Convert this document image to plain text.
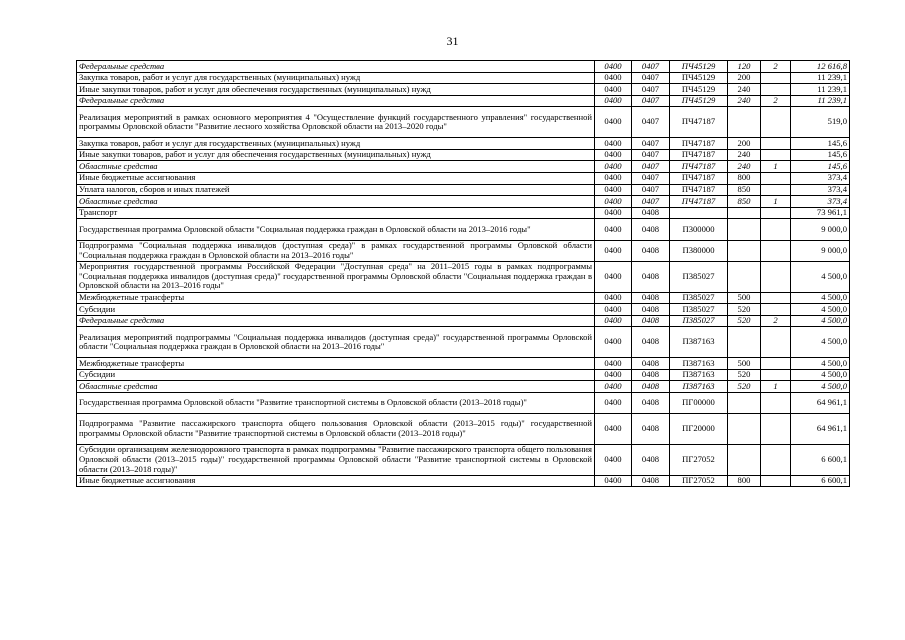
31
Федеральные средства	0400	0407	ПЧ45129	120	2	12 616,8
Закупка товаров, работ и услуг для государственных (муниципальных) нужд	0400	0407	ПЧ45129	200		11 239,1
Иные закупки товаров, работ и услуг для обеспечения государственных (муниципальных) нужд	0400	0407	ПЧ45129	240		11 239,1
Федеральные средства	0400	0407	ПЧ45129	240	2	11 239,1
Реализация мероприятий в рамках основного мероприятия 4 "Осуществление функций государственного управления" государственной программы Орловской области "Развитие лесного хозяйства Орловской области на 2013–2020 годы"	0400	0407	ПЧ47187			519,0
Закупка товаров, работ и услуг для государственных (муниципальных) нужд	0400	0407	ПЧ47187	200		145,6
Иные закупки товаров, работ и услуг для обеспечения государственных (муниципальных) нужд	0400	0407	ПЧ47187	240		145,6
Областные средства	0400	0407	ПЧ47187	240	1	145,6
Иные бюджетные ассигнования	0400	0407	ПЧ47187	800		373,4
Уплата налогов, сборов и иных платежей	0400	0407	ПЧ47187	850		373,4
Областные средства	0400	0407	ПЧ47187	850	1	373,4
Транспорт	0400	0408				73 961,1
Государственная программа Орловской области "Социальная поддержка граждан в Орловской области на 2013–2016 годы"	0400	0408	П300000			9 000,0
Подпрограмма "Социальная поддержка инвалидов (доступная среда)" в рамках государственной программы Орловской области "Социальная поддержка граждан в Орловской области на 2013–2016 годы"	0400	0408	П380000			9 000,0
Мероприятия государственной программы Российской Федерации "Доступная среда" на 2011–2015 годы в рамках подпрограммы "Социальная поддержка инвалидов (доступная среда)" государственной программы Орловской области "Социальная поддержка граждан в Орловской области на 2013–2016 годы"	0400	0408	П385027			4 500,0
Межбюджетные трансферты	0400	0408	П385027	500		4 500,0
Субсидии	0400	0408	П385027	520		4 500,0
Федеральные средства	0400	0408	П385027	520	2	4 500,0
Реализация мероприятий подпрограммы "Социальная поддержка инвалидов (доступная среда)" государственной программы Орловской области "Социальная поддержка граждан в Орловской области на 2013–2016 годы"	0400	0408	П387163			4 500,0
Межбюджетные трансферты	0400	0408	П387163	500		4 500,0
Субсидии	0400	0408	П387163	520		4 500,0
Областные средства	0400	0408	П387163	520	1	4 500,0
Государственная программа Орловской области "Развитие транспортной системы в Орловской области (2013–2018 годы)"	0400	0408	ПГ00000			64 961,1
Подпрограмма "Развитие пассажирского транспорта общего пользования Орловской области (2013–2015 годы)" государственной программы Орловской области "Развитие транспортной системы в Орловской области (2013–2018 годы)"	0400	0408	ПГ20000			64 961,1
Субсидии организациям железнодорожного транспорта в рамках подпрограммы "Развитие пассажирского транспорта общего пользования Орловской области (2013–2015 годы)" государственной программы Орловской области "Развитие транспортной системы в Орловской области (2013–2018 годы)"	0400	0408	ПГ27052			6 600,1
Иные бюджетные ассигнования	0400	0408	ПГ27052	800		6 600,1
